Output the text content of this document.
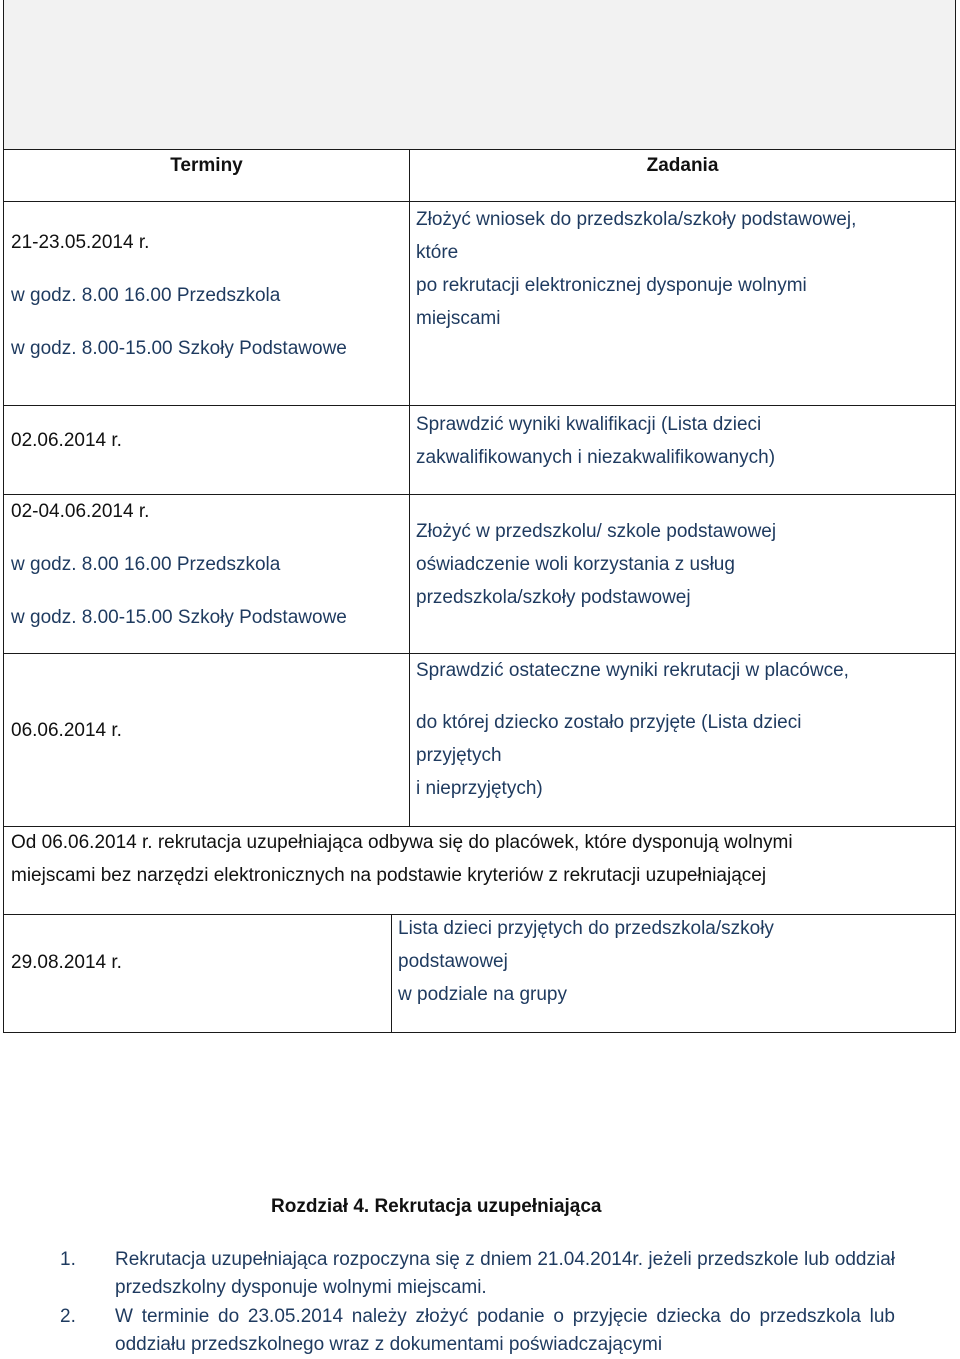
Terminy	Zadania
21-23.05.2014 r.
w godz. 8.00 16.00 Przedszkola
w godz. 8.00-15.00 Szkoły Podstawowe
Złożyć wniosek do przedszkola/szkoły podstawowej,
które
po rekrutacji elektronicznej dysponuje wolnymi
miejscami
02.06.2014 r.
Sprawdzić wyniki kwalifikacji (Lista dzieci
zakwalifikowanych i niezakwalifikowanych)
02-04.06.2014 r.
w godz. 8.00 16.00 Przedszkola
w godz. 8.00-15.00 Szkoły Podstawowe
Złożyć w przedszkolu/ szkole podstawowej
oświadczenie woli korzystania z usług
przedszkola/szkoły podstawowej
06.06.2014 r.
Sprawdzić ostateczne wyniki rekrutacji w placówce,
do której dziecko zostało przyjęte (Lista dzieci
przyjętych
i nieprzyjętych)
Od 06.06.2014 r. rekrutacja uzupełniająca odbywa się do placówek, które dysponują wolnymi
miejscami bez narzędzi elektronicznych na podstawie kryteriów z rekrutacji uzupełniającej
29.08.2014 r.
Lista dzieci przyjętych do przedszkola/szkoły
podstawowej
w podziale na grupy
Rozdział 4. Rekrutacja uzupełniająca
1. Rekrutacja uzupełniająca rozpoczyna się z dniem 21.04.2014r. jeżeli przedszkole lub oddział przedszkolny dysponuje wolnymi miejscami.
2. W terminie do 23.05.2014 należy złożyć podanie o przyjęcie dziecka do przedszkola lub oddziału przedszkolnego wraz z dokumentami poświadczającymi
